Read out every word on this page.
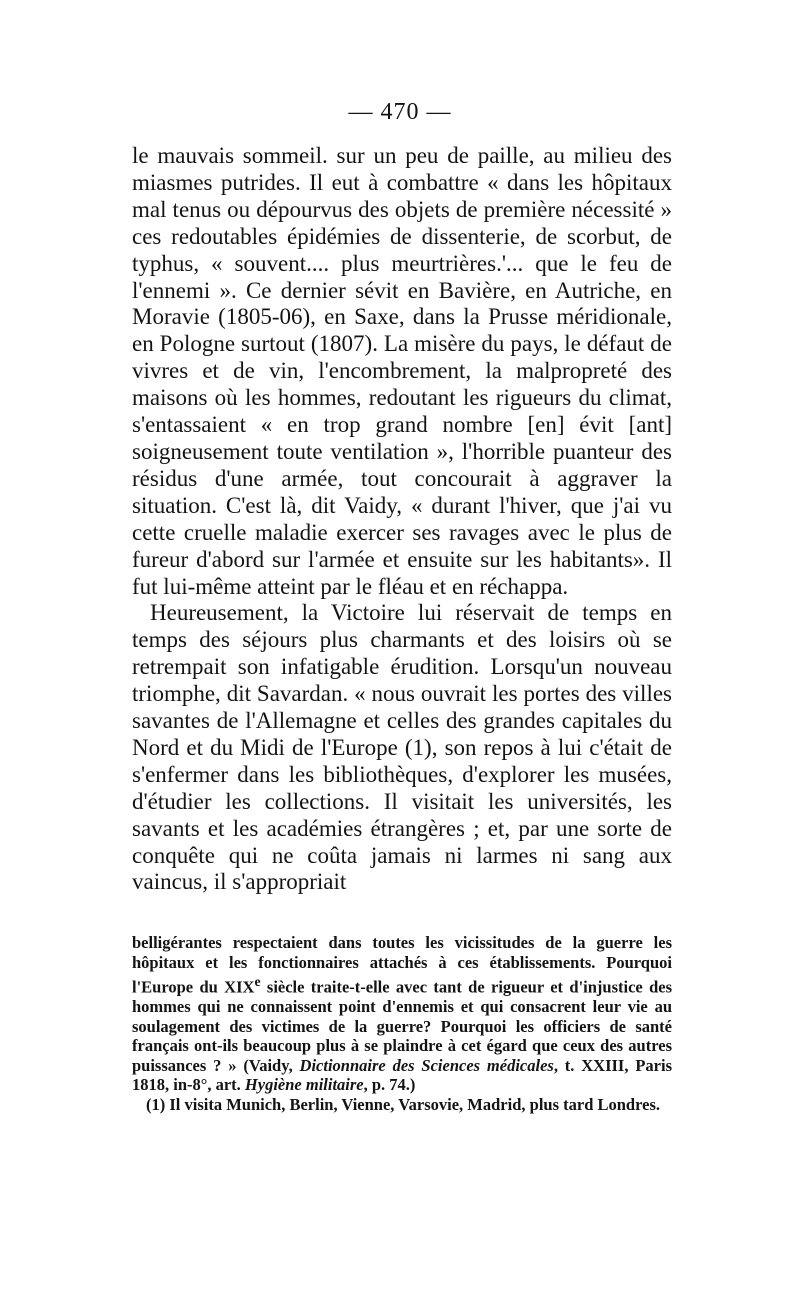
— 470 —

le mauvais sommeil. sur un peu de paille, au milieu des miasmes putrides. Il eut à combattre « dans les hôpitaux mal tenus ou dépourvus des objets de première nécessité » ces redoutables épidémies de dissenterie, de scorbut, de typhus, « souvent.... plus meurtrières.'... que le feu de l'ennemi ». Ce dernier sévit en Bavière, en Autriche, en Moravie (1805-06), en Saxe, dans la Prusse méridionale, en Pologne surtout (1807). La misère du pays, le défaut de vivres et de vin, l'encombrement, la malpropreté des maisons où les hommes, redoutant les rigueurs du climat, s'entassaient « en trop grand nombre [en] évit [ant] soigneusement toute ventilation », l'horrible puanteur des résidus d'une armée, tout concourait à aggraver la situation. C'est là, dit Vaidy, « durant l'hiver, que j'ai vu cette cruelle maladie exercer ses ravages avec le plus de fureur d'abord sur l'armée et ensuite sur les habitants». Il fut lui-même atteint par le fléau et en réchappa.

Heureusement, la Victoire lui réservait de temps en temps des séjours plus charmants et des loisirs où se retrempait son infatigable érudition. Lorsqu'un nouveau triomphe, dit Savardan. « nous ouvrait les portes des villes savantes de l'Allemagne et celles des grandes capitales du Nord et du Midi de l'Europe (1), son repos à lui c'était de s'enfermer dans les bibliothèques, d'explorer les musées, d'étudier les collections. Il visitait les universités, les savants et les académies étrangères ; et, par une sorte de conquête qui ne coûta jamais ni larmes ni sang aux vaincus, il s'appropriait

belligérantes respectaient dans toutes les vicissitudes de la guerre les hôpitaux et les fonctionnaires attachés à ces établissements. Pourquoi l'Europe du XIXe siècle traite-t-elle avec tant de rigueur et d'injustice des hommes qui ne connaissent point d'ennemis et qui consacrent leur vie au soulagement des victimes de la guerre? Pourquoi les officiers de santé français ont-ils beaucoup plus à se plaindre à cet égard que ceux des autres puissances ? » (Vaidy, Dictionnaire des Sciences médicales, t. XXIII, Paris 1818, in-8°, art. Hygiène militaire, p. 74.)

(1) Il visita Munich, Berlin, Vienne, Varsovie, Madrid, plus tard Londres.
